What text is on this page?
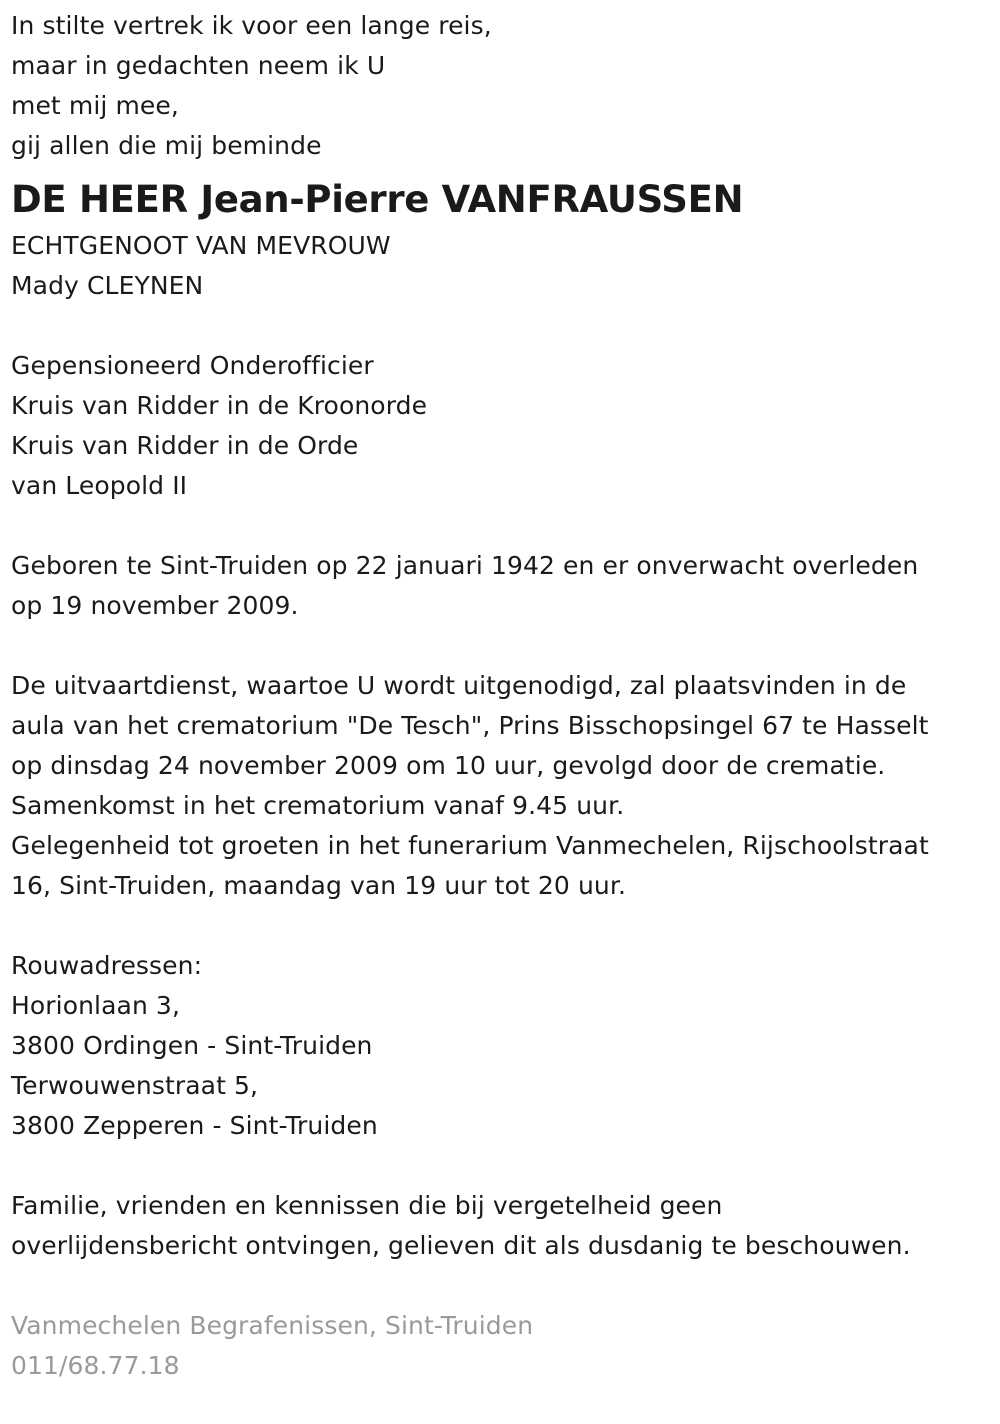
In stilte vertrek ik voor een lange reis,
maar in gedachten neem ik U
met mij mee,
gij allen die mij beminde
DE HEER Jean-Pierre VANFRAUSSEN
ECHTGENOOT VAN MEVROUW
Mady CLEYNEN
Gepensioneerd Onderofficier
Kruis van Ridder in de Kroonorde
Kruis van Ridder in de Orde
van Leopold II
Geboren te Sint-Truiden op 22 januari 1942 en er onverwacht overleden
op 19 november 2009.
De uitvaartdienst, waartoe U wordt uitgenodigd, zal plaatsvinden in de
aula van het crematorium "De Tesch", Prins Bisschopsingel 67 te Hasselt
op dinsdag 24 november 2009 om 10 uur, gevolgd door de crematie.
Samenkomst in het crematorium vanaf 9.45 uur.
Gelegenheid tot groeten in het funerarium Vanmechelen, Rijschoolstraat
16, Sint-Truiden, maandag van 19 uur tot 20 uur.
Rouwadressen:
Horionlaan 3,
3800 Ordingen - Sint-Truiden
Terwouwenstraat 5,
3800 Zepperen - Sint-Truiden
Familie, vrienden en kennissen die bij vergetelheid geen
overlijdensbericht ontvingen, gelieven dit als dusdanig te beschouwen.
Vanmechelen Begrafenissen, Sint-Truiden
011/68.77.18
